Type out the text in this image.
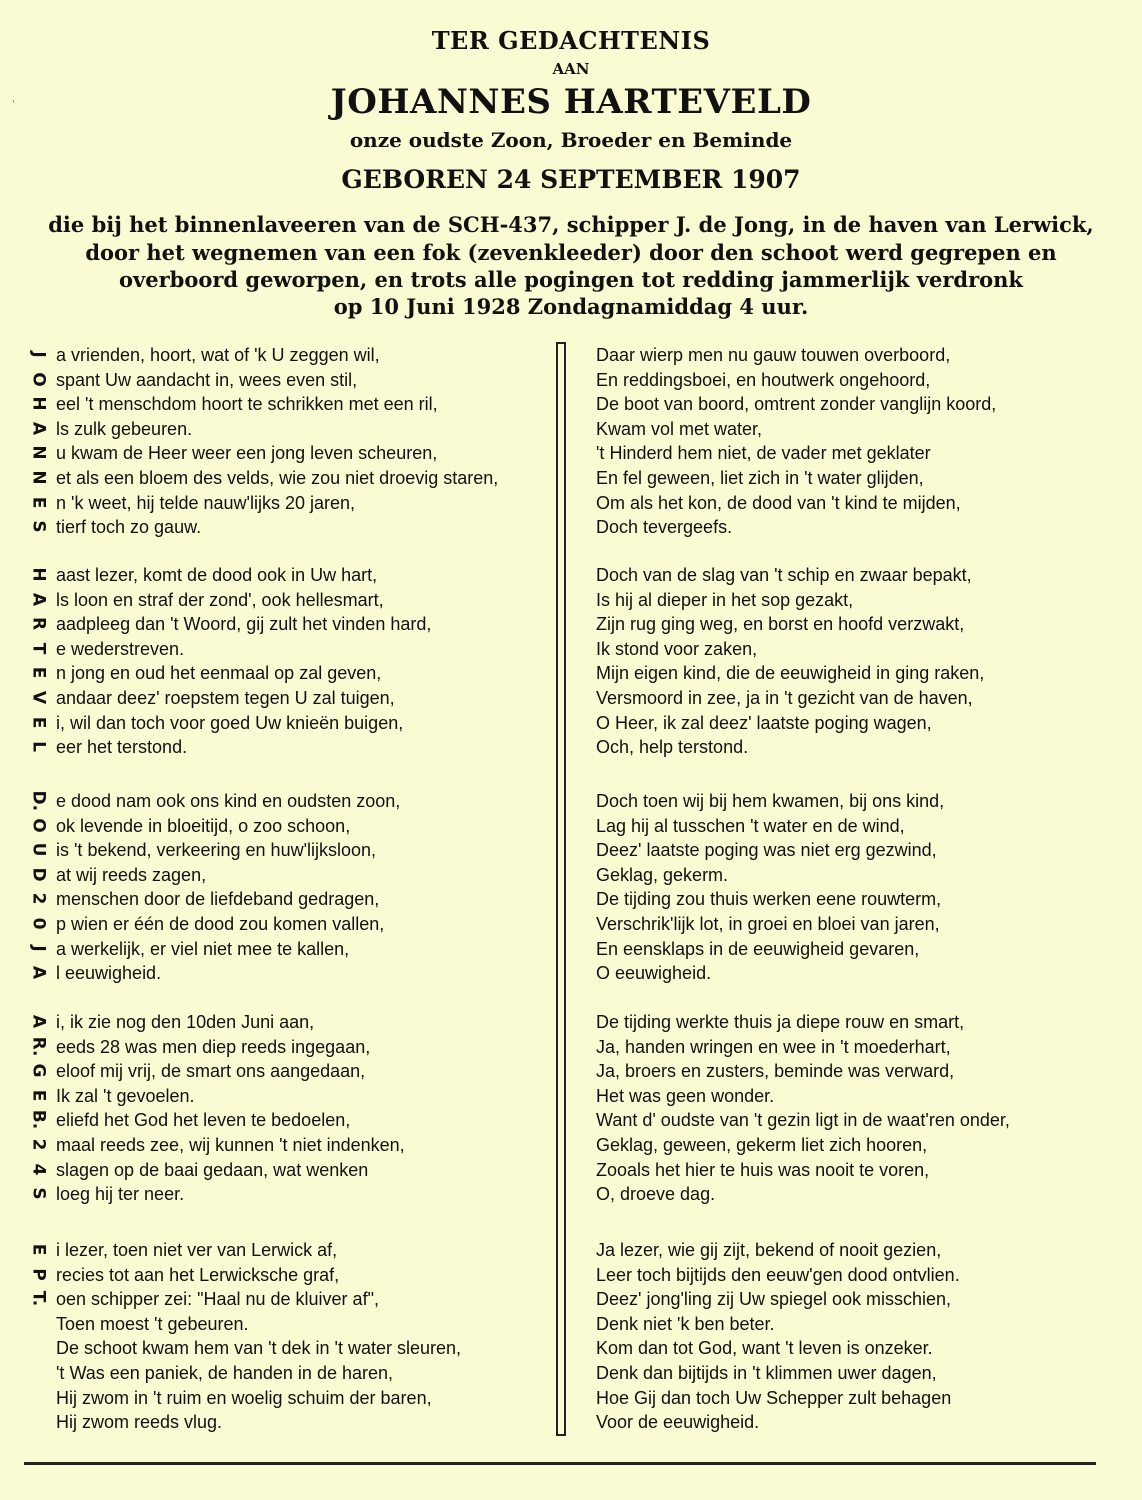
'
TER GEDACHTENIS
AAN
JOHANNES HARTEVELD
onze oudste Zoon, Broeder en Beminde
GEBOREN 24 SEPTEMBER 1907
die bij het binnenlaveeren van de SCH-437, schipper J. de Jong, in de haven van Lerwick,
door het wegnemen van een fok (zevenkleeder) door den schoot werd gegrepen en
overboord geworpen, en trots alle pogingen tot redding jammerlijk verdronk
op 10 Juni 1928 Zondagnamiddag 4 uur.
a vrienden, hoort, wat of 'k U zeggen wil,	Daar wierp men nu gauw touwen overboord,
J
spant Uw aandacht in, wees even stil,	En reddingsboei, en houtwerk ongehoord,
O
eel 't menschdom hoort te schrikken met een ril,	De boot van boord, omtrent zonder vanglijn koord,
H
ls zulk gebeuren.	Kwam vol met water,
A
u kwam de Heer weer een jong leven scheuren,	't Hinderd hem niet, de vader met geklater
N
et als een bloem des velds, wie zou niet droevig staren,	En fel geween, liet zich in 't water glijden,
N
n 'k weet, hij telde nauw'lijks 20 jaren,	Om als het kon, de dood van 't kind te mijden,
E
tierf toch zo gauw.	Doch tevergeefs.
S
aast lezer, komt de dood ook in Uw hart,	Doch van de slag van 't schip en zwaar bepakt,
H
ls loon en straf der zond', ook hellesmart,	Is hij al dieper in het sop gezakt,
A
aadpleeg dan 't Woord, gij zult het vinden hard,	Zijn rug ging weg, en borst en hoofd verzwakt,
R
e wederstreven.	Ik stond voor zaken,
T
n jong en oud het eenmaal op zal geven,	Mijn eigen kind, die de eeuwigheid in ging raken,
E
andaar deez' roepstem tegen U zal tuigen,	Versmoord in zee, ja in 't gezicht van de haven,
V
i, wil dan toch voor goed Uw knieën buigen,	O Heer, ik zal deez' laatste poging wagen,
E
eer het terstond.	Och, help terstond.
L
e dood nam ook ons kind en oudsten zoon,	Doch toen wij bij hem kwamen, bij ons kind,
D.
ok levende in bloeitijd, o zoo schoon,	Lag hij al tusschen 't water en de wind,
O
is 't bekend, verkeering en huw'lijksloon,	Deez' laatste poging was niet erg gezwind,
U
at wij reeds zagen,	Geklag, gekerm.
D
menschen door de liefdeband gedragen,	De tijding zou thuis werken eene rouwterm,
2
p wien er één de dood zou komen vallen,	Verschrik'lijk lot, in groei en bloei van jaren,
0
a werkelijk, er viel niet mee te kallen,	En eensklaps in de eeuwigheid gevaren,
J
l eeuwigheid.	O eeuwigheid.
A
i, ik zie nog den 10den Juni aan,	De tijding werkte thuis ja diepe rouw en smart,
A
eeds 28 was men diep reeds ingegaan,	Ja, handen wringen en wee in 't moederhart,
R.
eloof mij vrij, de smart ons aangedaan,	Ja, broers en zusters, beminde was verward,
G
Ik zal 't gevoelen.	Het was geen wonder.
E
eliefd het God het leven te bedoelen,	Want d' oudste van 't gezin ligt in de waat'ren onder,
B.
maal reeds zee, wij kunnen 't niet indenken,	Geklag, geween, gekerm liet zich hooren,
2
slagen op de baai gedaan, wat wenken	Zooals het hier te huis was nooit te voren,
4
loeg hij ter neer.	O, droeve dag.
S
i lezer, toen niet ver van Lerwick af,	Ja lezer, wie gij zijt, bekend of nooit gezien,
E
recies tot aan het Lerwicksche graf,	Leer toch bijtijds den eeuw'gen dood ontvlien.
P
oen schipper zei: "Haal nu de kluiver af",	Deez' jong'ling zij Uw spiegel ook misschien,
T.
Toen moest 't gebeuren.	Denk niet 'k ben beter.
De schoot kwam hem van 't dek in 't water sleuren,	Kom dan tot God, want 't leven is onzeker.
't Was een paniek, de handen in de haren,	Denk dan bijtijds in 't klimmen uwer dagen,
Hij zwom in 't ruim en woelig schuim der baren,	Hoe Gij dan toch Uw Schepper zult behagen
Hij zwom reeds vlug.	Voor de eeuwigheid.
